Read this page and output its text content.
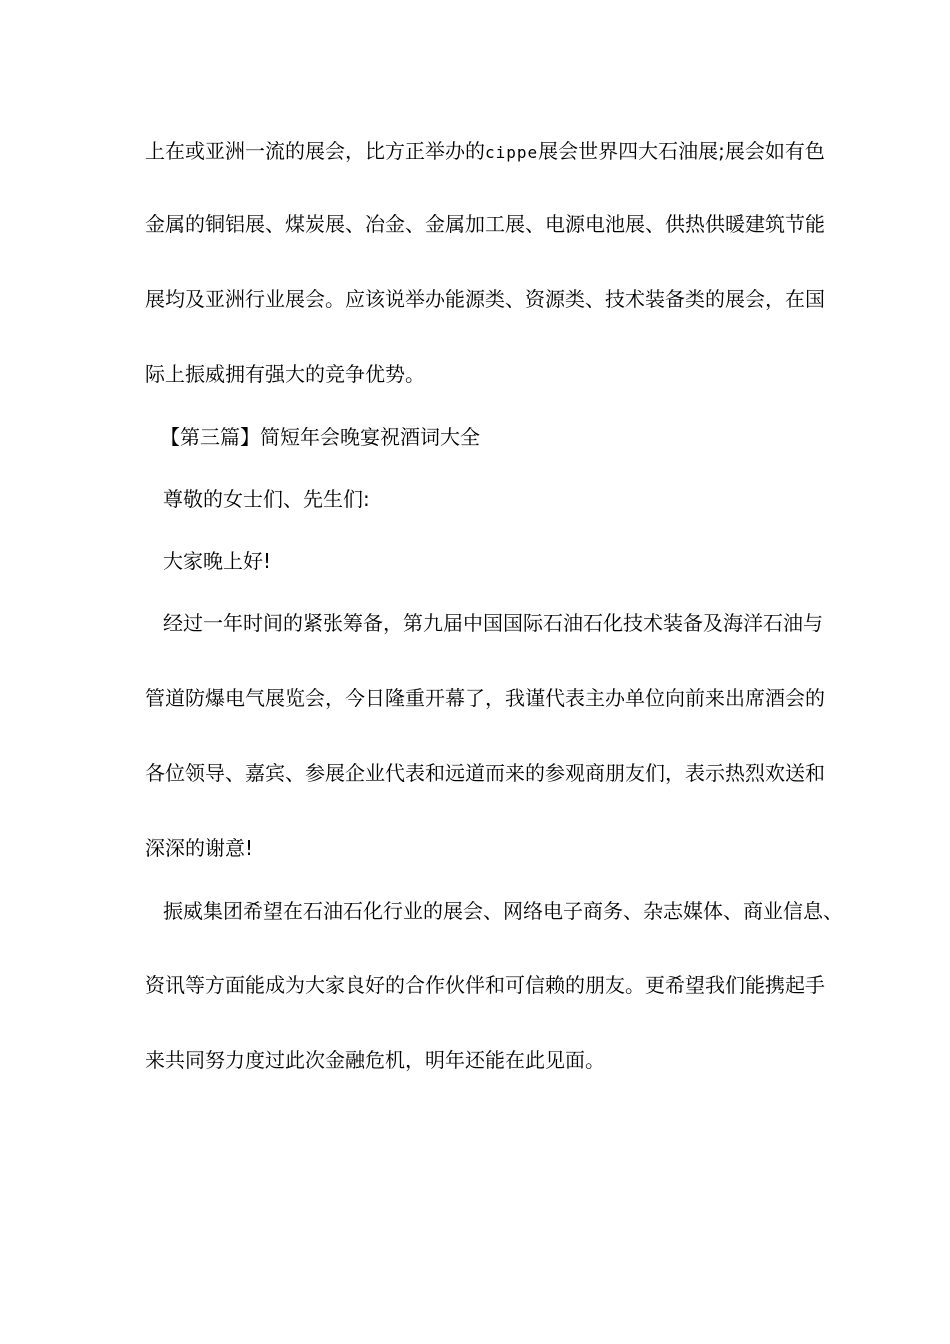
上在或亚洲一流的展会，比方正举办的cippe展会世界四大石油展;展会如有色
金属的铜铝展、煤炭展、冶金、金属加工展、电源电池展、供热供暖建筑节能
展均及亚洲行业展会。应该说举办能源类、资源类、技术装备类的展会，在国
际上振威拥有强大的竞争优势。
【第三篇】简短年会晚宴祝酒词大全
尊敬的女士们、先生们:
大家晚上好!
经过一年时间的紧张筹备，第九届中国国际石油石化技术装备及海洋石油与
管道防爆电气展览会，今日隆重开幕了，我谨代表主办单位向前来出席酒会的
各位领导、嘉宾、参展企业代表和远道而来的参观商朋友们，表示热烈欢送和
深深的谢意!
振威集团希望在石油石化行业的展会、网络电子商务、杂志媒体、商业信息、
资讯等方面能成为大家良好的合作伙伴和可信赖的朋友。更希望我们能携起手
来共同努力度过此次金融危机，明年还能在此见面。
